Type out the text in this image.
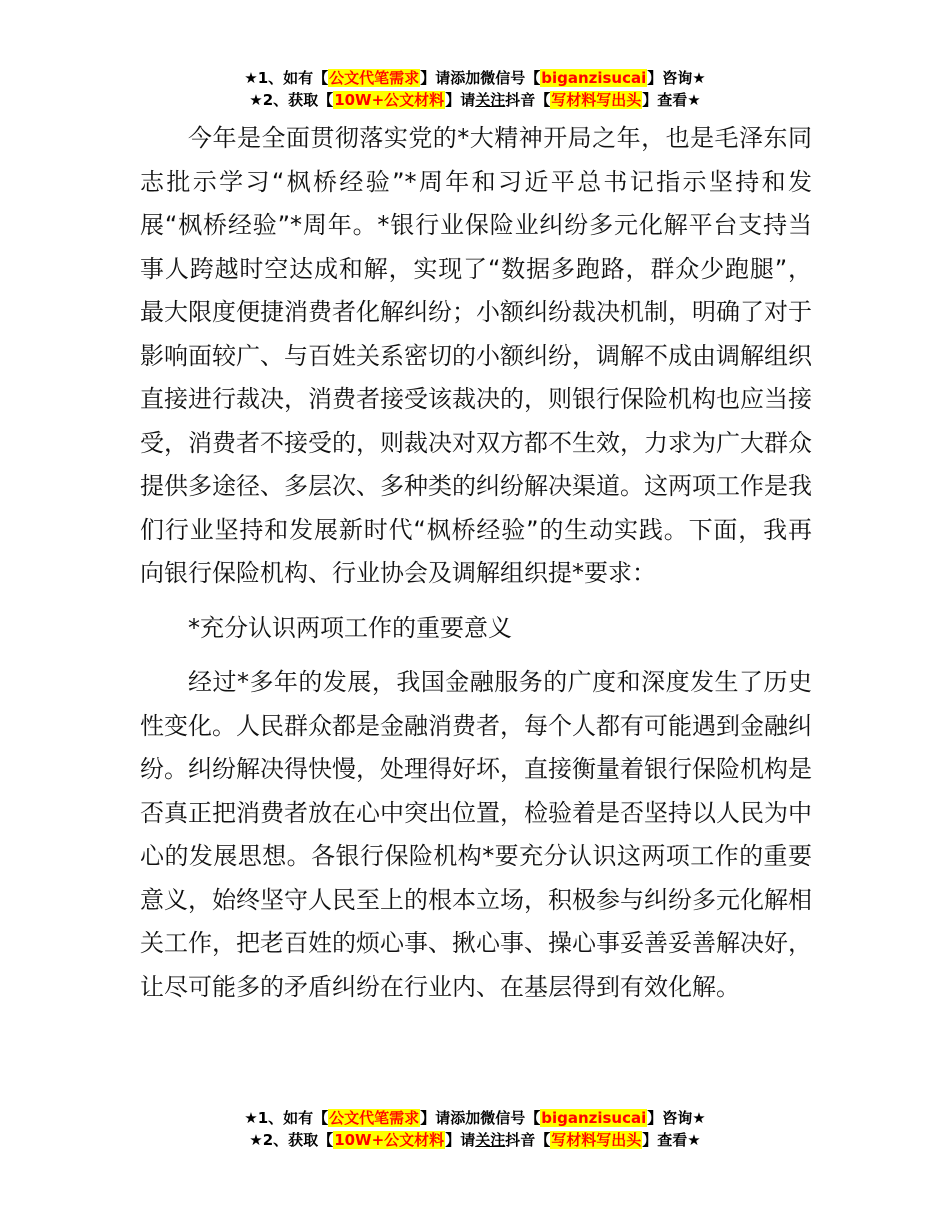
★1、如有【公文代笔需求】请添加微信号【biganzisucai】咨询★
★2、获取【10W+公文材料】请关注抖音【写材料写出头】查看★

今年是全面贯彻落实党的*大精神开局之年，也是毛泽东同志批示学习“枫桥经验”*周年和习近平总书记指示坚持和发展“枫桥经验”*周年。*银行业保险业纠纷多元化解平台支持当事人跨越时空达成和解，实现了“数据多跑路，群众少跑腿”，最大限度便捷消费者化解纠纷；小额纠纷裁决机制，明确了对于影响面较广、与百姓关系密切的小额纠纷，调解不成由调解组织直接进行裁决，消费者接受该裁决的，则银行保险机构也应当接受，消费者不接受的，则裁决对双方都不生效，力求为广大群众提供多途径、多层次、多种类的纠纷解决渠道。这两项工作是我们行业坚持和发展新时代“枫桥经验”的生动实践。下面，我再向银行保险机构、行业协会及调解组织提*要求：

*充分认识两项工作的重要意义

经过*多年的发展，我国金融服务的广度和深度发生了历史性变化。人民群众都是金融消费者，每个人都有可能遇到金融纠纷。纠纷解决得快慢，处理得好坏，直接衡量着银行保险机构是否真正把消费者放在心中突出位置，检验着是否坚持以人民为中心的发展思想。各银行保险机构*要充分认识这两项工作的重要意义，始终坚守人民至上的根本立场，积极参与纠纷多元化解相关工作，把老百姓的烦心事、揪心事、操心事妥善妥善解决好，让尽可能多的矛盾纠纷在行业内、在基层得到有效化解。

★1、如有【公文代笔需求】请添加微信号【biganzisucai】咨询★
★2、获取【10W+公文材料】请关注抖音【写材料写出头】查看★
